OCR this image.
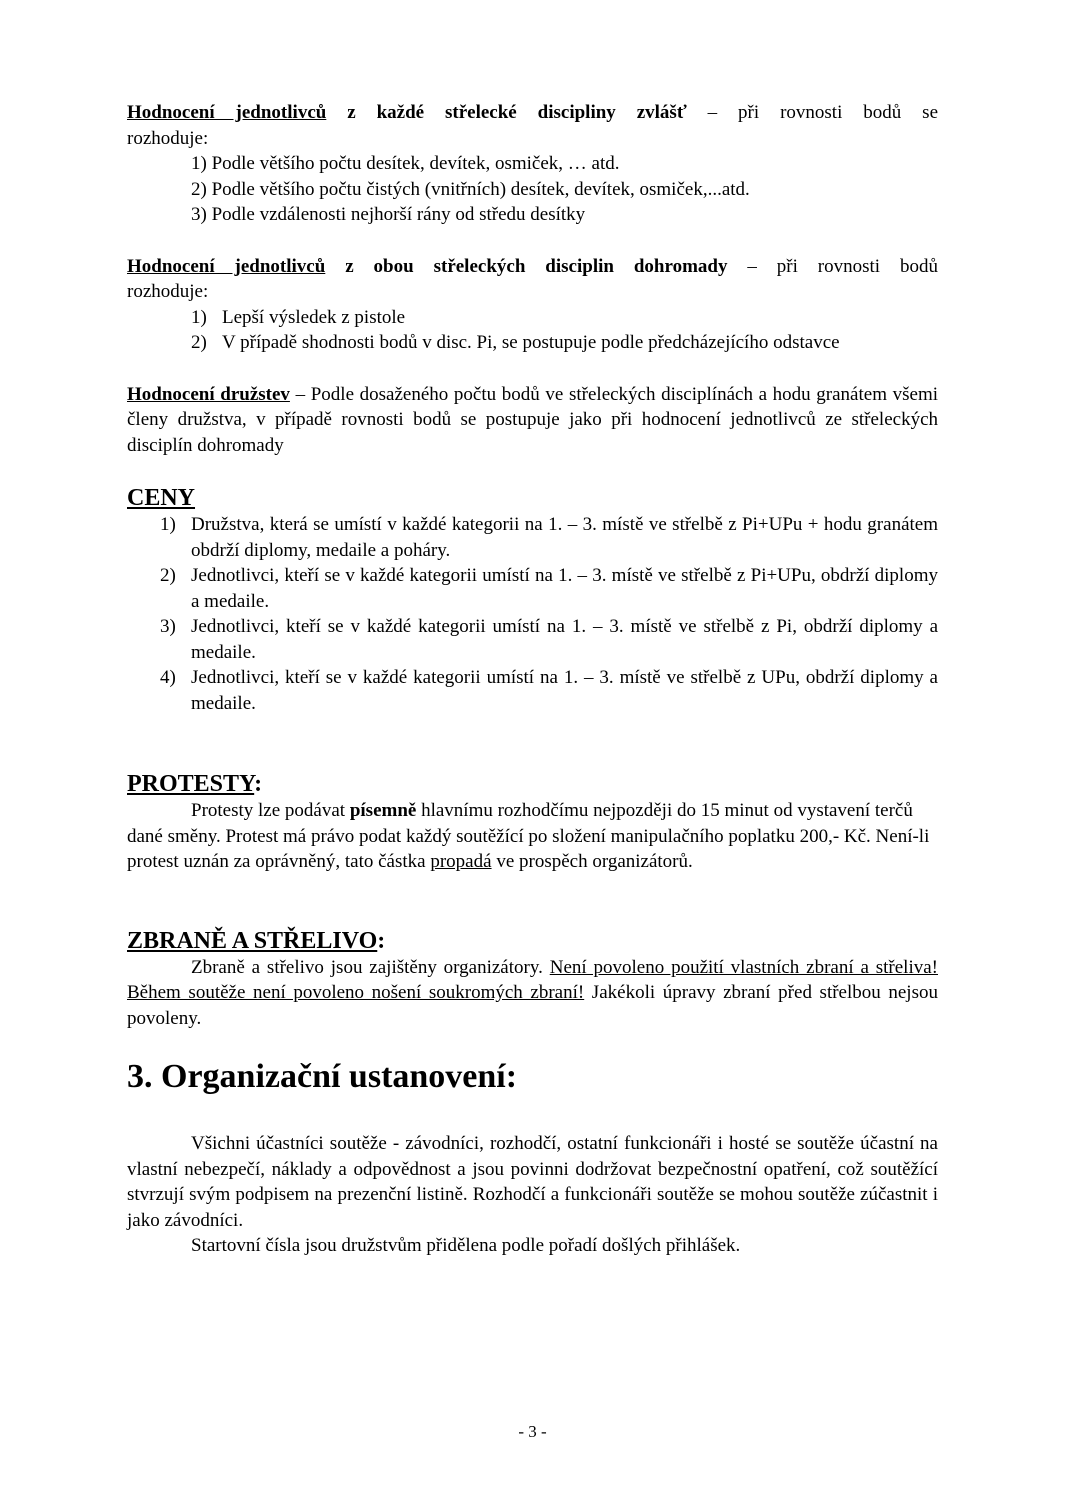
Hodnocení jednotlivců z každé střelecké discipliny zvlášť – při rovnosti bodů se

rozhoduje:

1) Podle většího počtu desítek, devítek, osmiček, … atd.
2) Podle většího počtu čistých (vnitřních) desítek, devítek, osmiček,...atd.
3) Podle vzdálenosti nejhorší rány od středu desítky

Hodnocení jednotlivců z obou střeleckých disciplin dohromady – při rovnosti bodů

rozhoduje:

1) Lepší výsledek z pistole
2) V případě shodnosti bodů v disc. Pi, se postupuje podle předcházejícího odstavce

Hodnocení družstev – Podle dosaženého počtu bodů ve střeleckých disciplínách a hodu granátem všemi členy družstva, v případě rovnosti bodů se postupuje jako při hodnocení jednotlivců ze střeleckých disciplín dohromady

CENY
1) Družstva, která se umístí v každé kategorii na 1. – 3. místě ve střelbě z Pi+UPu + hodu granátem obdrží diplomy, medaile a poháry.
2) Jednotlivci, kteří se v každé kategorii umístí na 1. – 3. místě ve střelbě z Pi+UPu, obdrží diplomy a medaile.
3) Jednotlivci, kteří se v každé kategorii umístí na 1. – 3. místě ve střelbě z Pi, obdrží diplomy a medaile.
4) Jednotlivci, kteří se v každé kategorii umístí na 1. – 3. místě ve střelbě z UPu, obdrží diplomy a medaile.
PROTESTY:

Protesty lze podávat písemně hlavnímu rozhodčímu nejpozději do 15 minut od vystavení terčů dané směny. Protest má právo podat každý soutěžící po složení manipulačního poplatku 200,- Kč. Není-li protest uznán za oprávněný, tato částka propadá ve prospěch organizátorů.

ZBRANĚ A STŘELIVO:

Zbraně a střelivo jsou zajištěny organizátory. Není povoleno použití vlastních zbraní a střeliva! Během soutěže není povoleno nošení soukromých zbraní! Jakékoli úpravy zbraní před střelbou nejsou povoleny.

3. Organizační ustanovení:

Všichni účastníci soutěže - závodníci, rozhodčí, ostatní funkcionáři i hosté se soutěže účastní na vlastní nebezpečí, náklady a odpovědnost a jsou povinni dodržovat bezpečnostní opatření, což soutěžící stvrzují svým podpisem na prezenční listině. Rozhodčí a funkcionáři soutěže se mohou soutěže zúčastnit i jako závodníci.

Startovní čísla jsou družstvům přidělena podle pořadí došlých přihlášek.

- 3 -
